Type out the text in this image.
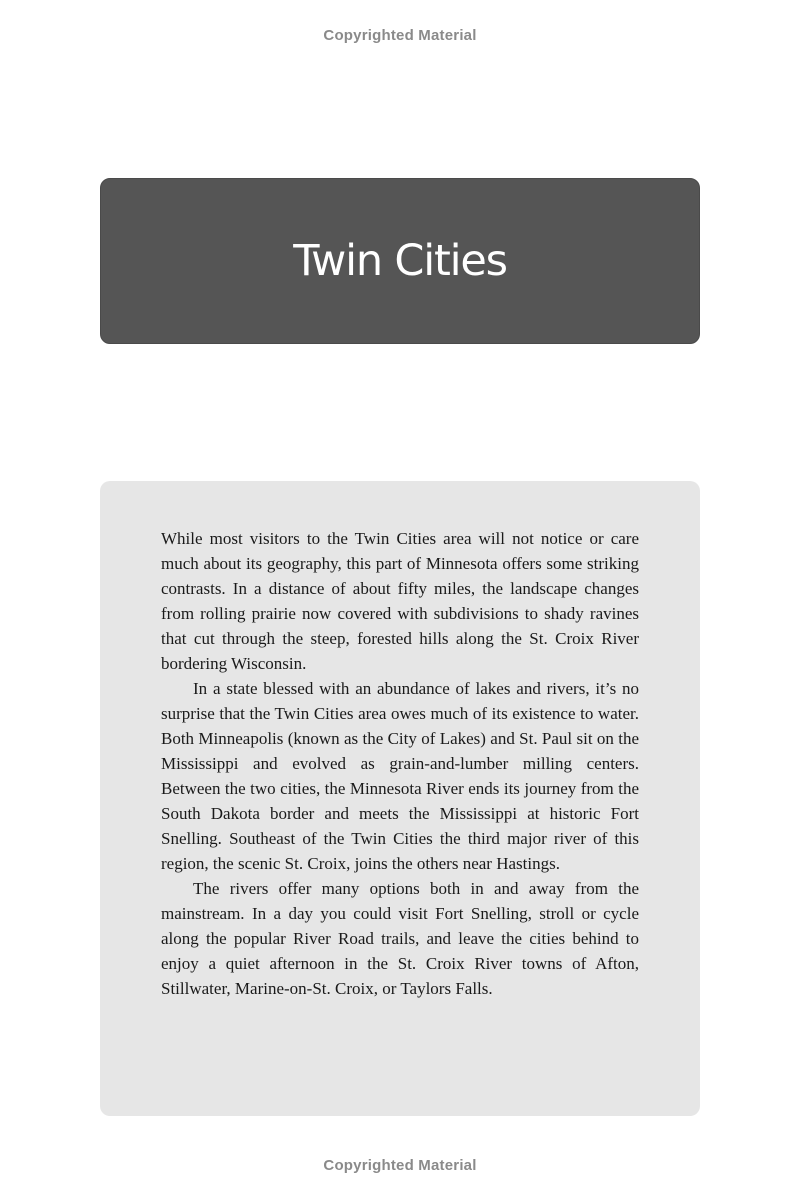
Copyrighted Material
Twin Cities

While most visitors to the Twin Cities area will not notice or care much about its geography, this part of Minnesota offers some striking contrasts. In a distance of about fifty miles, the landscape changes from rolling prairie now covered with subdivisions to shady ravines that cut through the steep, forested hills along the St. Croix River bordering Wisconsin.

In a state blessed with an abundance of lakes and rivers, it’s no surprise that the Twin Cities area owes much of its existence to water. Both Minneapolis (known as the City of Lakes) and St. Paul sit on the Mississippi and evolved as grain-and-lumber milling centers. Between the two cities, the Minnesota River ends its journey from the South Dakota border and meets the Mississippi at historic Fort Snelling. Southeast of the Twin Cities the third major river of this region, the scenic St. Croix, joins the others near Hastings.

The rivers offer many options both in and away from the mainstream. In a day you could visit Fort Snelling, stroll or cycle along the popular River Road trails, and leave the cities behind to enjoy a quiet afternoon in the St. Croix River towns of Afton, Stillwater, Marine-on-St. Croix, or Taylors Falls.

Copyrighted Material
